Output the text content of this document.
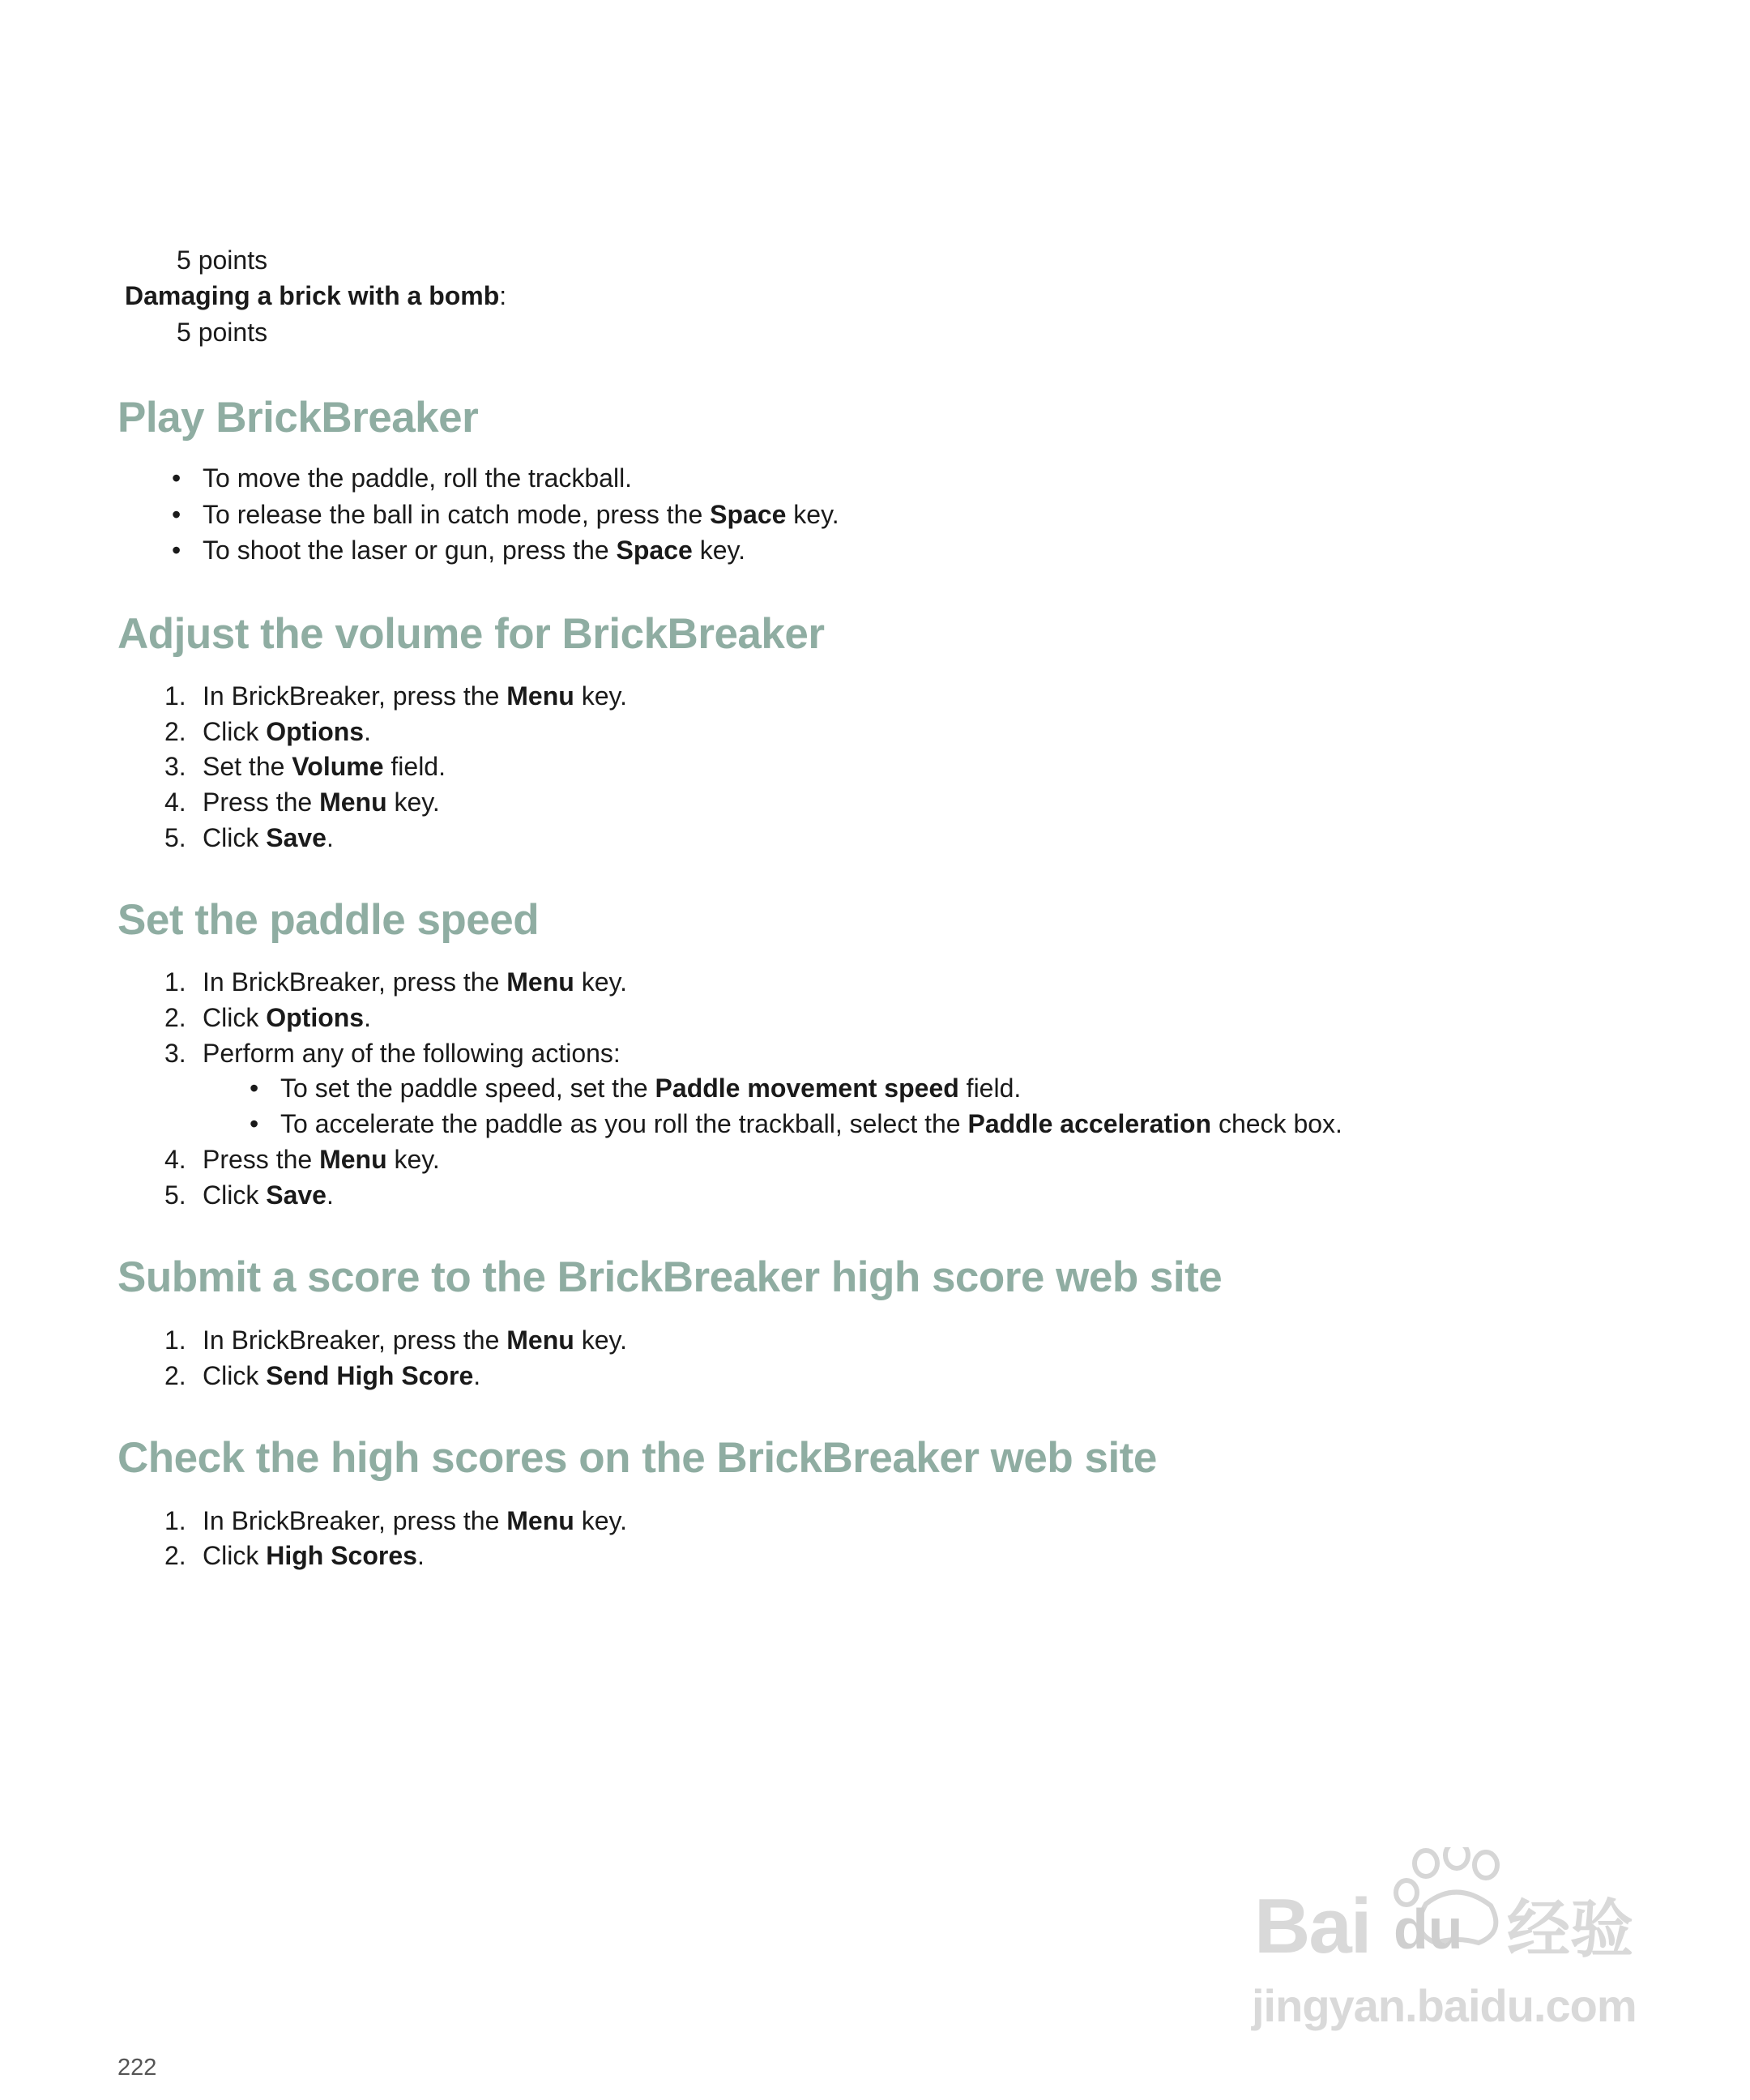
5 points
Damaging a brick with a bomb:
5 points
Play BrickBreaker
• To move the paddle, roll the trackball.
• To release the ball in catch mode, press the Space key.
• To shoot the laser or gun, press the Space key.
Adjust the volume for BrickBreaker
1. In BrickBreaker, press the Menu key.
2. Click Options.
3. Set the Volume field.
4. Press the Menu key.
5. Click Save.
Set the paddle speed
1. In BrickBreaker, press the Menu key.
2. Click Options.
3. Perform any of the following actions:
• To set the paddle speed, set the Paddle movement speed field.
• To accelerate the paddle as you roll the trackball, select the Paddle acceleration check box.
4. Press the Menu key.
5. Click Save.
Submit a score to the BrickBreaker high score web site
1. In BrickBreaker, press the Menu key.
2. Click Send High Score.
Check the high scores on the BrickBreaker web site
1. In BrickBreaker, press the Menu key.
2. Click High Scores.
Bai du 经验
jingyan.baidu.com
222
